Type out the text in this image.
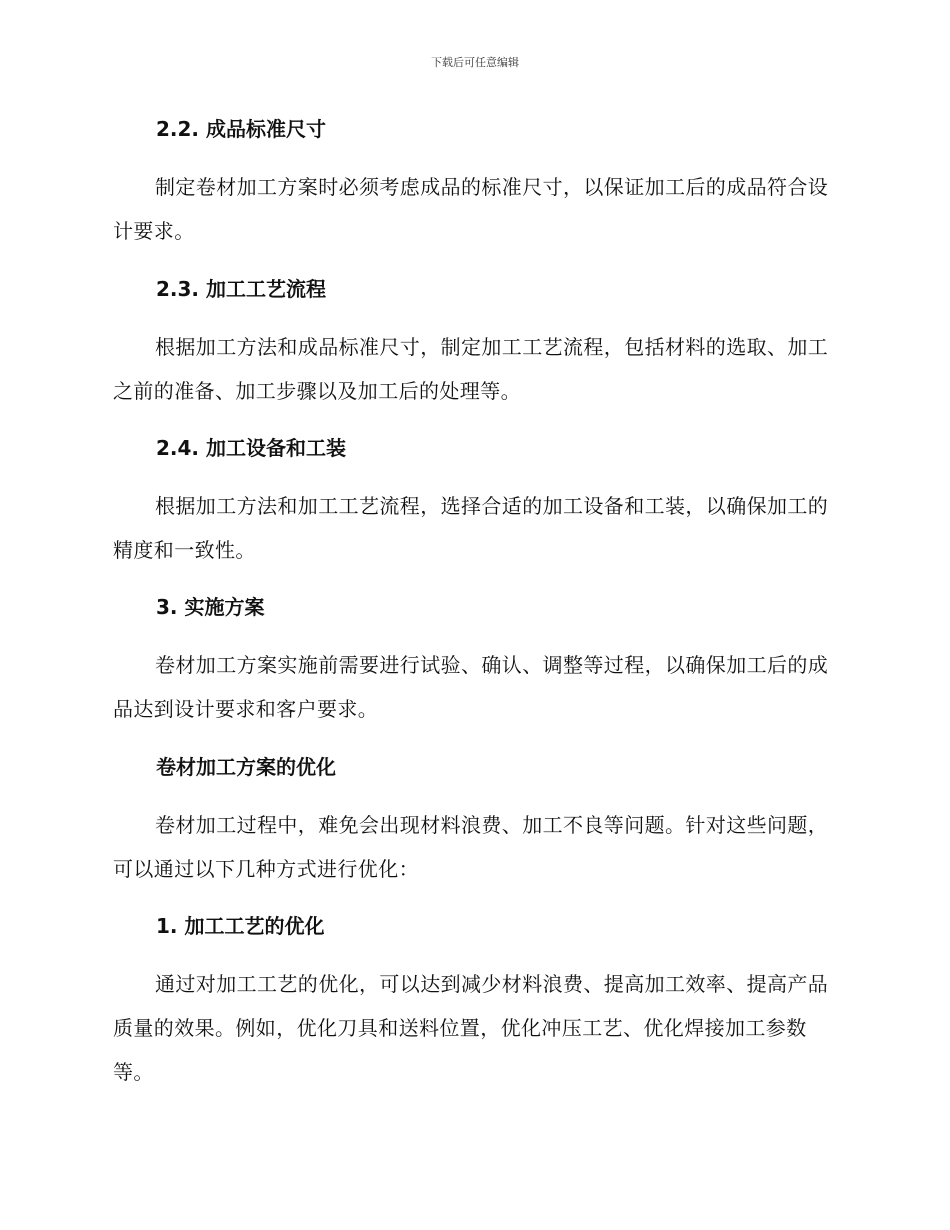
下载后可任意编辑
2.2. 成品标准尺寸
制定卷材加工方案时必须考虑成品的标准尺寸，以保证加工后的成品符合设计要求。
2.3. 加工工艺流程
根据加工方法和成品标准尺寸，制定加工工艺流程，包括材料的选取、加工之前的准备、加工步骤以及加工后的处理等。
2.4. 加工设备和工装
根据加工方法和加工工艺流程，选择合适的加工设备和工装，以确保加工的精度和一致性。
3. 实施方案
卷材加工方案实施前需要进行试验、确认、调整等过程，以确保加工后的成品达到设计要求和客户要求。
卷材加工方案的优化
卷材加工过程中，难免会出现材料浪费、加工不良等问题。针对这些问题，可以通过以下几种方式进行优化：
1. 加工工艺的优化
通过对加工工艺的优化，可以达到减少材料浪费、提高加工效率、提高产品质量的效果。例如，优化刀具和送料位置，优化冲压工艺、优化焊接加工参数等。
